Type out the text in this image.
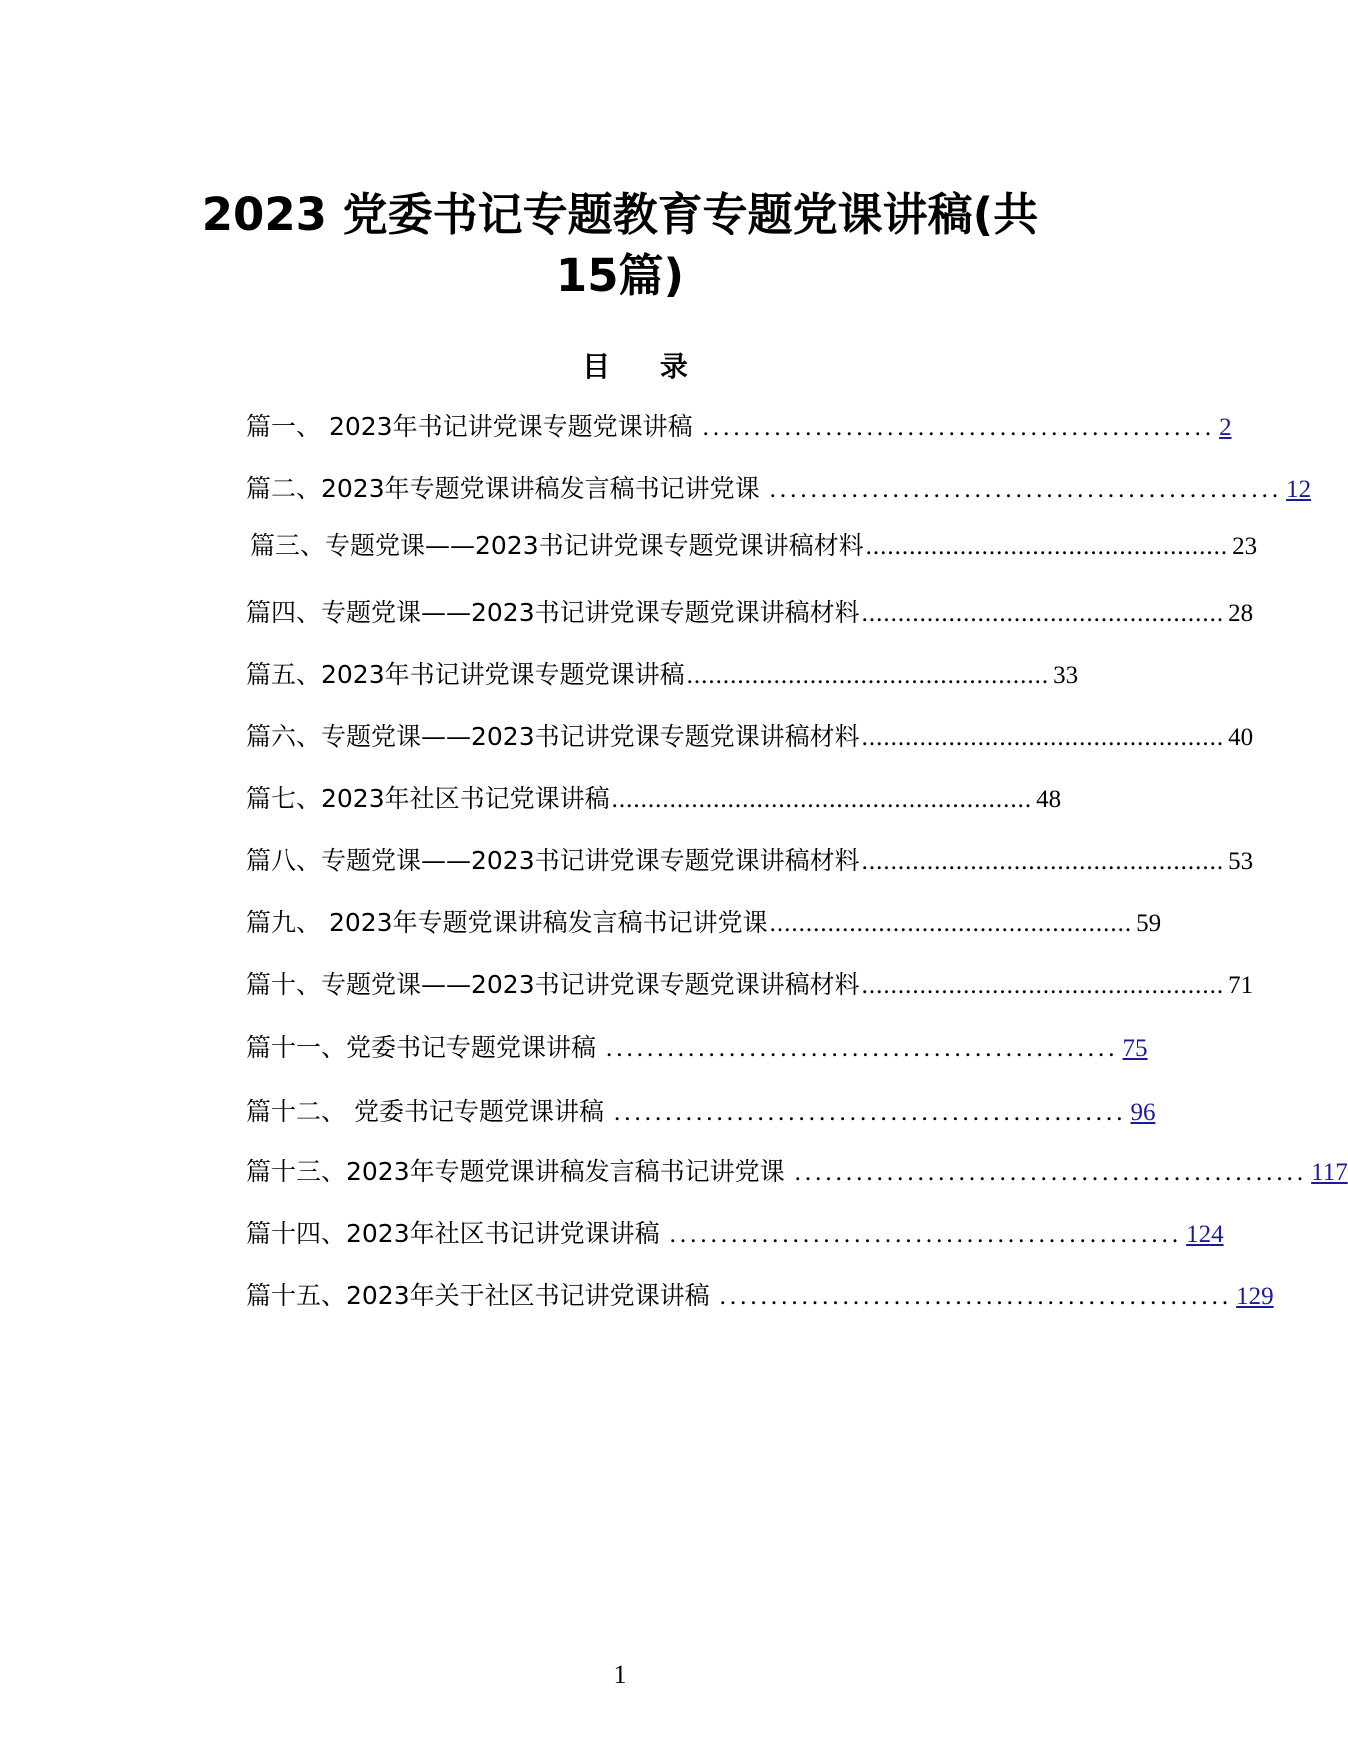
2023 党委书记专题教育专题党课讲稿(共
15篇)
目 录
篇一、 2023年书记讲党课专题党课讲稿 .................................................. 2
篇二、2023年专题党课讲稿发言稿书记讲党课 .................................................. 12
篇三、专题党课——2023书记讲党课专题党课讲稿材料 .................................................. 23
篇四、专题党课——2023书记讲党课专题党课讲稿材料 .................................................. 28
篇五、2023年书记讲党课专题党课讲稿 .................................................. 33
篇六、专题党课——2023书记讲党课专题党课讲稿材料 .................................................. 40
篇七、2023年社区书记党课讲稿 .......................................................... 48
篇八、专题党课——2023书记讲党课专题党课讲稿材料 .................................................. 53
篇九、 2023年专题党课讲稿发言稿书记讲党课 .................................................. 59
篇十、专题党课——2023书记讲党课专题党课讲稿材料 .................................................. 71
篇十一、党委书记专题党课讲稿 .................................................. 75
篇十二、 党委书记专题党课讲稿 .................................................. 96
篇十三、2023年专题党课讲稿发言稿书记讲党课 .................................................. 117
篇十四、2023年社区书记讲党课讲稿 .................................................. 124
篇十五、2023年关于社区书记讲党课讲稿 .................................................. 129
1
